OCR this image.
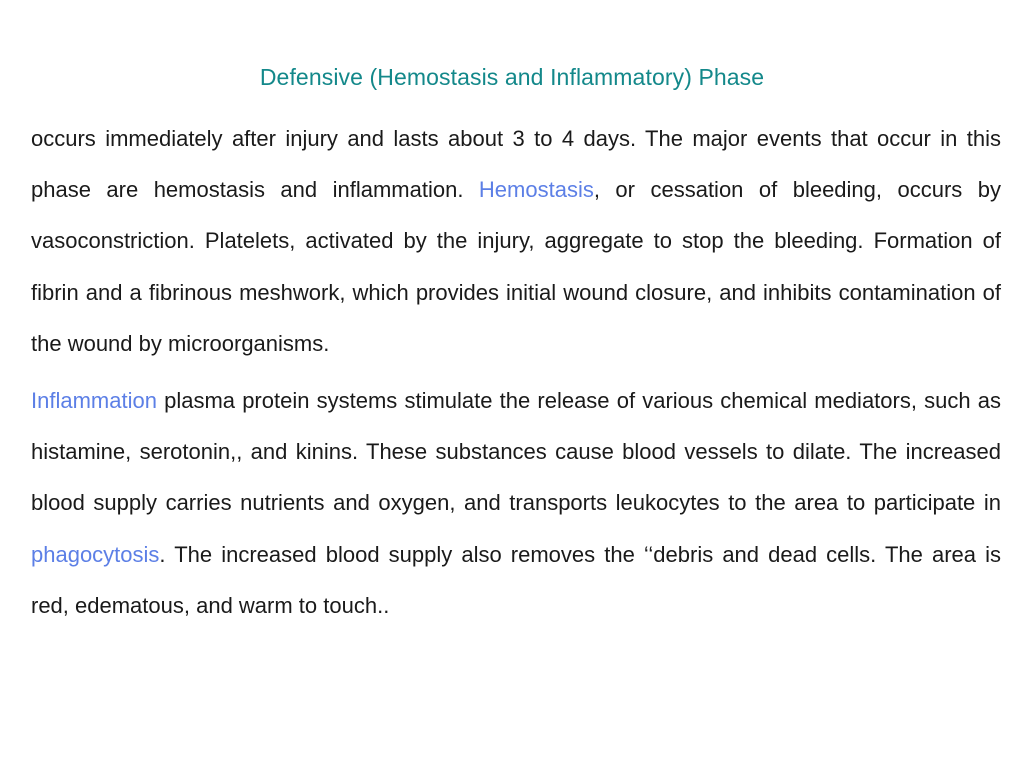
Defensive (Hemostasis and Inflammatory) Phase

occurs immediately after injury and lasts about 3 to 4 days. The major events that occur in this phase are hemostasis and inflammation. Hemostasis, or cessation of bleeding, occurs by vasoconstriction. Platelets, activated by the injury, aggregate to stop the bleeding. Formation of fibrin and a fibrinous meshwork, which provides initial wound closure, and inhibits contamination of the wound by microorganisms.

Inflammation plasma protein systems stimulate the release of various chemical mediators, such as histamine, serotonin,, and kinins. These substances cause blood vessels to dilate. The increased blood supply carries nutrients and oxygen, and transports leukocytes to the area to participate in phagocytosis. The increased blood supply also removes the ‘‘debris and dead cells. The area is red, edematous, and warm to touch..
